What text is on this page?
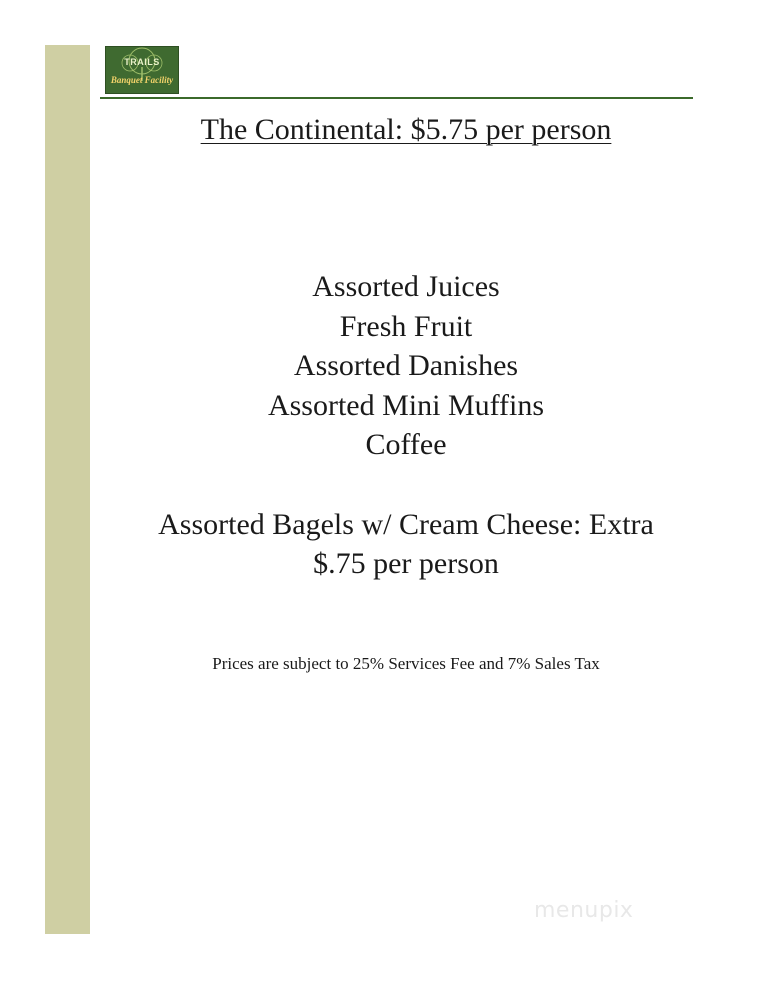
TRAILS
Banquet Facility
The Continental: $5.75 per person
Assorted Juices
Fresh Fruit
Assorted Danishes
Assorted Mini Muffins
Coffee
Assorted Bagels w/ Cream Cheese: Extra
$.75 per person
Prices are subject to 25% Services Fee and 7% Sales Tax
menupix
